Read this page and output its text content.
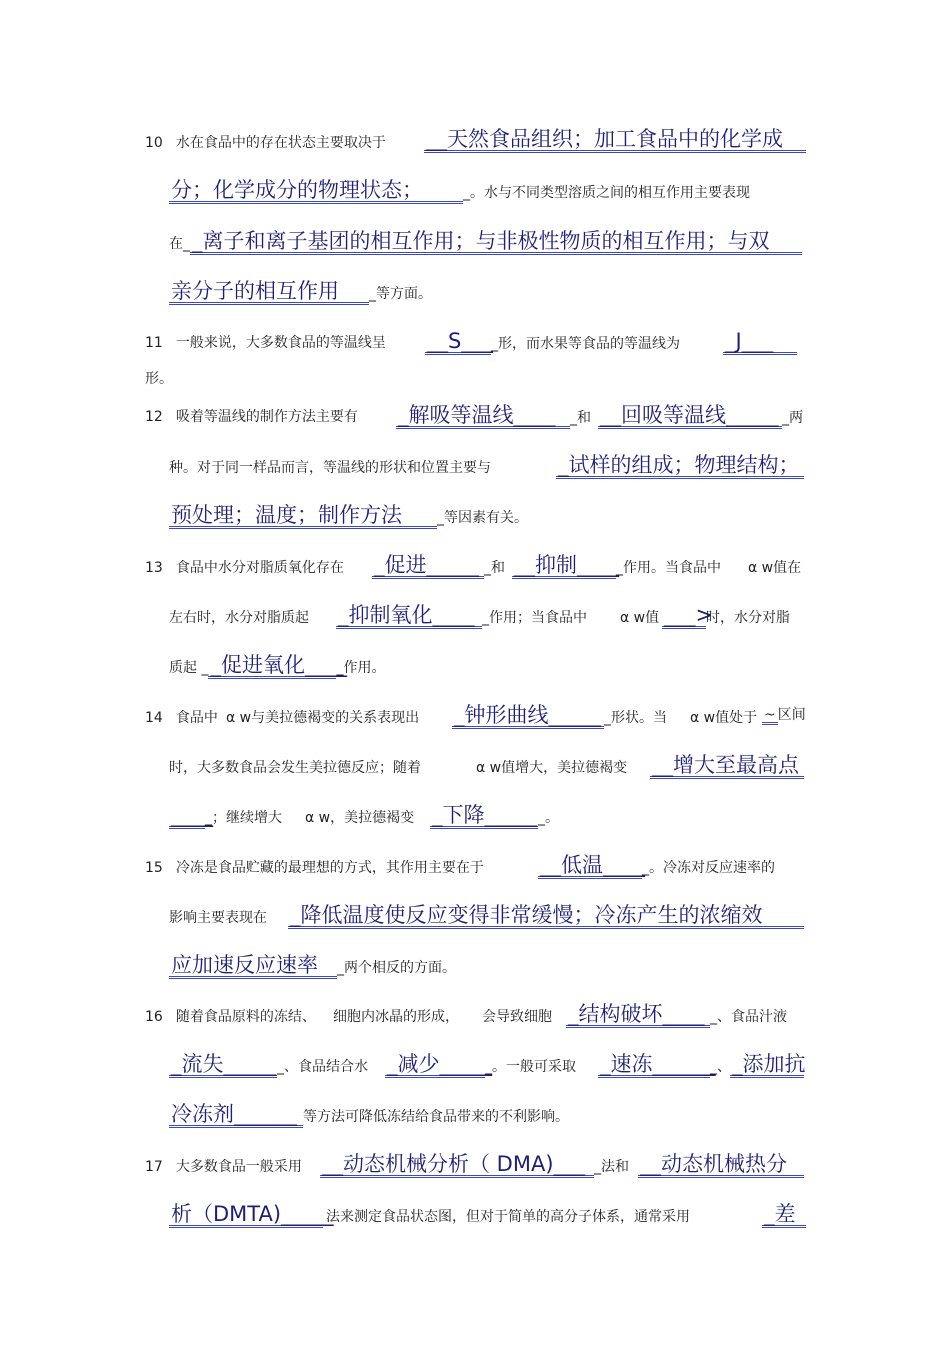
10 水在食品中的存在状态主要取决于 __天然食品组织；加工食品中的化学成
分；化学成分的物理状态；	_。水与不同类型溶质之间的相互作用主要表现
在__离子和离子基团的相互作用；与非极性物质的相互作用；与双
亲分子的相互作用 _等方面。
11 一般来说，大多数食品的等温线呈 __S____形，而水果等食品的等温线为 _J___
形。
12 吸着等温线的制作方法主要有 _解吸等温线____ _和 __回吸等温线_____ _两
种。对于同一样品而言，等温线的形状和位置主要与	_试样的组成；物理结构；
预处理；温度；制作方法	_等因素有关。
13 食品中水分对脂质氧化存在 _促进_____ _和 __抑制_____作用。当食品中 α w值在
左右时，水分对脂质起 _抑制氧化____ _作用；当食品中 α w值 ___>时，水分对脂
质起 __促进氧化_____作用。
14 食品中 α w与美拉德褐变的关系表现出 _钟形曲线_____ _形状。当 α w值处于 ~ 区间
时，大多数食品会发生美拉德反应；随着	α w值增大，美拉德褐变 __增大至最高点
_____；继续增大 α w，美拉德褐变 _下降______。
15 冷冻是食品贮藏的最理想的方式，其作用主要在于	__低温_____。冷冻对反应速率的
影响主要表现在 _降低温度使反应变得非常缓慢；冷冻产生的浓缩效
应加速反应速率 _两个相反的方面。
16 随着食品原料的冻结、 细胞内冰晶的形成， 会导致细胞 _结构破坏____ _、食品汁液
_流失______、食品结合水 _减少______。一般可采取 _速冻_______、 _添加抗
冷冻剂______ 等方法可降低冻结给食品带来的不利影响。
17 大多数食品一般采用 __动态机械分析（ DMA)___ _法和 __动态机械热分
析（DMTA)_____
法来测定食品状态图，但对于简单的高分子体系，通常采用	_差
